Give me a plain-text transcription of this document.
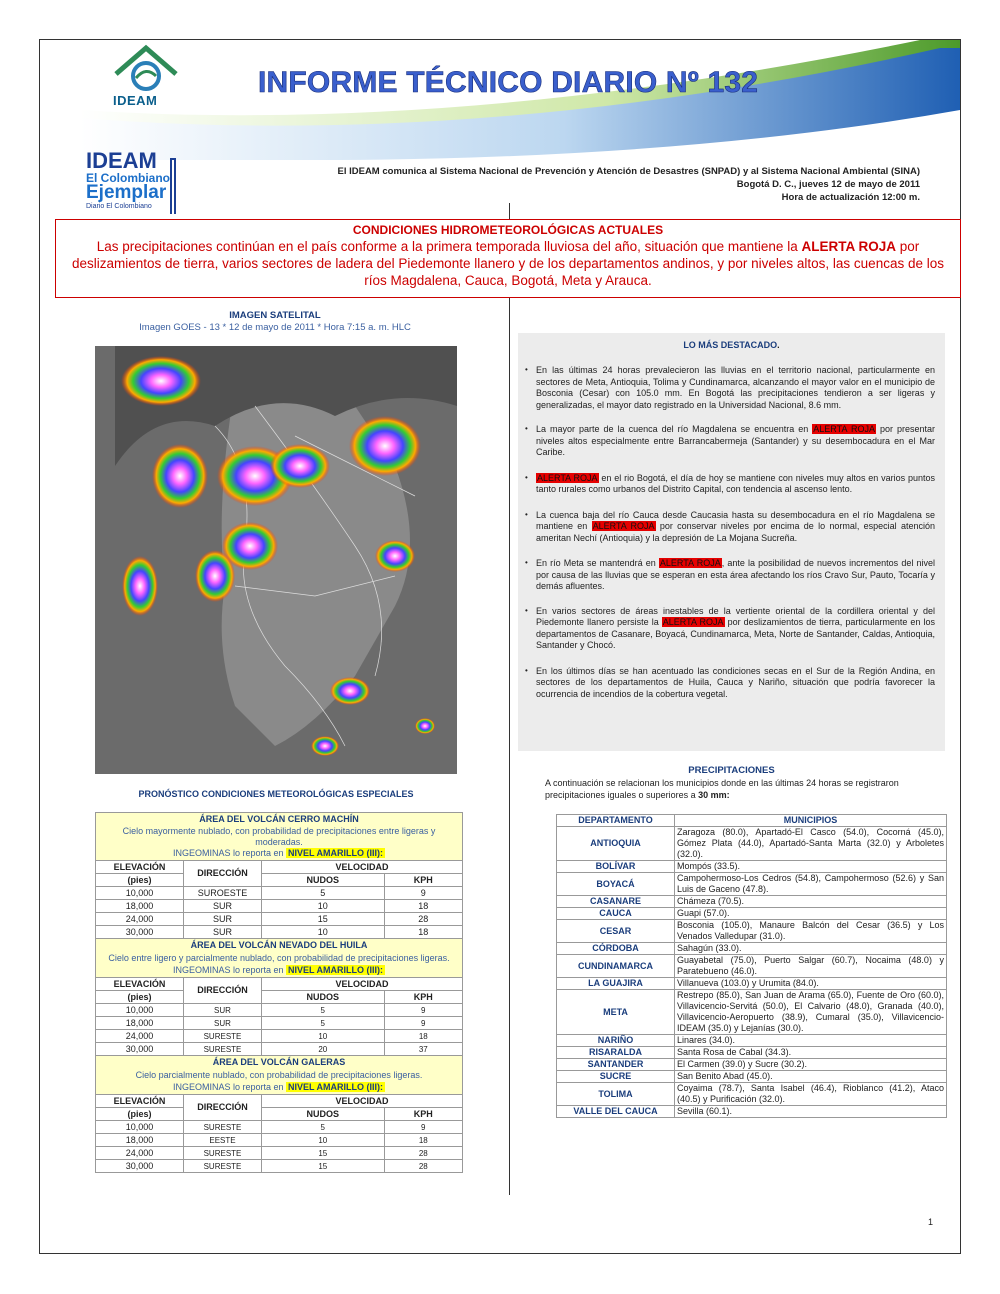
IDEAM
INFORME TÉCNICO DIARIO Nº 132
IDEAM
El Colombiano
Ejemplar
Diario El Colombiano
El IDEAM comunica al Sistema Nacional de Prevención y Atención de Desastres (SNPAD) y al Sistema Nacional Ambiental (SINA)
Bogotá D. C., jueves 12 de mayo de 2011
Hora de actualización 12:00 m.
CONDICIONES HIDROMETEOROLÓGICAS ACTUALES
Las precipitaciones continúan en el país conforme a la primera temporada lluviosa del año, situación que mantiene la ALERTA ROJA por deslizamientos de tierra, varios sectores de ladera del Piedemonte llanero y de los departamentos andinos, y por niveles altos, las cuencas de los ríos Magdalena, Cauca, Bogotá, Meta y Arauca.
IMAGEN SATELITAL
Imagen GOES - 13 * 12 de mayo de 2011 * Hora 7:15 a. m. HLC
PRONÓSTICO CONDICIONES METEOROLÓGICAS ESPECIALES
ÁREA DEL VOLCÁN CERRO MACHÍN			
Cielo mayormente nublado, con probabilidad de precipitaciones entre ligeras y moderadas.			
INGEOMINAS lo reporta en NIVEL AMARILLO (III):			
ELEVACIÓN	DIRECCIÓN	VELOCIDAD	
(pies)		NUDOS	KPH
10,000	SUROESTE	5	9
18,000	SUR	10	18
24,000	SUR	15	28
30,000	SUR	10	18
ÁREA DEL VOLCÁN NEVADO DEL HUILA			
Cielo entre ligero y parcialmente nublado, con probabilidad de precipitaciones ligeras.			
INGEOMINAS lo reporta en NIVEL AMARILLO (III):			
ELEVACIÓN	DIRECCIÓN	VELOCIDAD	
(pies)		NUDOS	KPH
10,000	SUR	5	9
18,000	SUR	5	9
24,000	SURESTE	10	18
30,000	SURESTE	20	37
ÁREA DEL VOLCÁN GALERAS			
Cielo parcialmente nublado, con probabilidad de precipitaciones ligeras.			
INGEOMINAS lo reporta en NIVEL AMARILLO (III):			
ELEVACIÓN	DIRECCIÓN	VELOCIDAD	
(pies)		NUDOS	KPH
10,000	SURESTE	5	9
18,000	EESTE	10	18
24,000	SURESTE	15	28
30,000	SURESTE	15	28
LO MÁS DESTACADO.
• En las últimas 24 horas prevalecieron las lluvias en el territorio nacional, particularmente en sectores de Meta, Antioquia, Tolima y Cundinamarca, alcanzando el mayor valor en el municipio de Bosconia (Cesar) con 105.0 mm. En Bogotá las precipitaciones tendieron a ser ligeras y generalizadas, el mayor dato registrado en la Universidad Nacional, 8.6 mm.
• La mayor parte de la cuenca del río Magdalena se encuentra en ALERTA ROJA por presentar niveles altos especialmente entre Barrancabermeja (Santander) y su desembocadura en el Mar Caribe.
• ALERTA ROJA en el rio Bogotá, el día de hoy se mantiene con niveles muy altos en varios puntos tanto rurales como urbanos del Distrito Capital, con tendencia al ascenso lento.
• La cuenca baja del río Cauca desde Caucasia hasta su desembocadura en el río Magdalena se mantiene en ALERTA ROJA por conservar niveles por encima de lo normal, especial atención ameritan Nechí (Antioquia) y la depresión de La Mojana Sucreña.
• En río Meta se mantendrá en ALERTA ROJA, ante la posibilidad de nuevos incrementos del nivel por causa de las lluvias que se esperan en esta área afectando los ríos Cravo Sur, Pauto, Tocaría y demás afluentes.
• En varios sectores de áreas inestables de la vertiente oriental de la cordillera oriental y del Piedemonte llanero persiste la ALERTA ROJA por deslizamientos de tierra, particularmente en los departamentos de Casanare, Boyacá, Cundinamarca, Meta, Norte de Santander, Caldas, Antioquia, Santander y Chocó.
• En los últimos días se han acentuado las condiciones secas en el Sur de la Región Andina, en sectores de los departamentos de Huila, Cauca y Nariño, situación que podría favorecer la ocurrencia de incendios de la cobertura vegetal.
PRECIPITACIONES
A continuación se relacionan los municipios donde en las últimas 24 horas se registraron precipitaciones iguales o superiores a 30 mm:
DEPARTAMENTO	MUNICIPIOS
ANTIOQUIA	Zaragoza (80.0), Apartadó-El Casco (54.0), Cocorná (45.0), Gómez Plata (44.0), Apartadó-Santa Marta (32.0) y Arboletes (32.0).
BOLÍVAR	Mompós (33.5).
BOYACÁ	Campohermoso-Los Cedros (54.8), Campohermoso (52.6) y San Luis de Gaceno (47.8).
CASANARE	Chámeza (70.5).
CAUCA	Guapi (57.0).
CESAR	Bosconia (105.0), Manaure Balcón del Cesar (36.5) y Los Venados Valledupar (31.0).
CÓRDOBA	Sahagún (33.0).
CUNDINAMARCA	Guayabetal (75.0), Puerto Salgar (60.7), Nocaima (48.0) y Paratebueno (46.0).
LA GUAJIRA	Villanueva (103.0) y Urumita (84.0).
META	Restrepo (85.0), San Juan de Arama (65.0), Fuente de Oro (60.0), Villavicencio-Servitá (50.0), El Calvario (48.0), Granada (40.0), Villavicencio-Aeropuerto (38.9), Cumaral (35.0), Villavicencio-IDEAM (35.0) y Lejanías (30.0).
NARIÑO	Linares (34.0).
RISARALDA	Santa Rosa de Cabal (34.3).
SANTANDER	El Carmen (39.0) y Sucre (30.2).
SUCRE	San Benito Abad (45.0).
TOLIMA	Coyaima (78.7), Santa Isabel (46.4), Rioblanco (41.2), Ataco (40.5) y Purificación (32.0).
VALLE DEL CAUCA	Sevilla (60.1).
1
